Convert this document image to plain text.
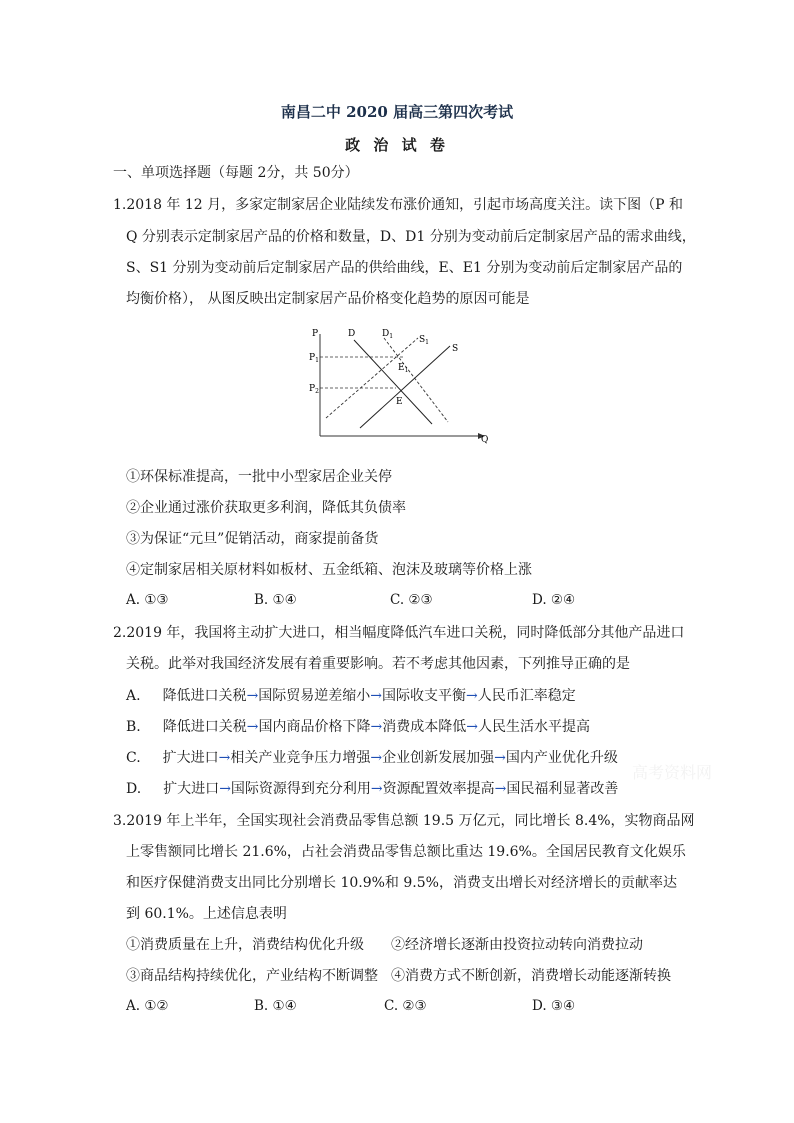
南昌二中 2020 届高三第四次考试
政 治 试 卷
一、单项选择题（每题 2分，共 50分）
1.2018 年 12 月，多家定制家居企业陆续发布涨价通知，引起市场高度关注。读下图（P 和
Q 分别表示定制家居产品的价格和数量，D、D1 分别为变动前后定制家居产品的需求曲线，
S、S1 分别为变动前后定制家居产品的供给曲线，E、E1 分别为变动前后定制家居产品的
均衡价格）， 从图反映出定制家居产品价格变化趋势的原因可能是
P
Q
$P_1$
$P_2$
D	$D_1$
S
$S_1$
E
$E_1$
①环保标准提高，一批中小型家居企业关停
②企业通过涨价获取更多利润，降低其负债率
③为保证“元旦”促销活动，商家提前备货
④定制家居相关原材料如板材、五金纸箱、泡沫及玻璃等价格上涨
A. ①③	B. ①④	C. ②③	D. ②④
2.2019 年，我国将主动扩大进口，相当幅度降低汽车进口关税，同时降低部分其他产品进口
关税。此举对我国经济发展有着重要影响。若不考虑其他因素，下列推导正确的是
A. 降低进口关税→国际贸易逆差缩小→国际收支平衡→人民币汇率稳定
B. 降低进口关税→国内商品价格下降→消费成本降低→人民生活水平提高
C. 扩大进口→相关产业竞争压力增强→企业创新发展加强→国内产业优化升级
D. 扩大进口→国际资源得到充分利用→资源配置效率提高→国民福利显著改善
高考资料网
3.2019 年上半年，全国实现社会消费品零售总额 19.5 万亿元，同比增长 8.4%，实物商品网
上零售额同比增长 21.6%，占社会消费品零售总额比重达 19.6%。全国居民教育文化娱乐
和医疗保健消费支出同比分别增长 10.9%和 9.5%，消费支出增长对经济增长的贡献率达
到 60.1%。上述信息表明
①消费质量在上升，消费结构优化升级 ②经济增长逐渐由投资拉动转向消费拉动
③商品结构持续优化，产业结构不断调整 ④消费方式不断创新，消费增长动能逐渐转换
A. ①②	B. ①④	C. ②③	D. ③④
